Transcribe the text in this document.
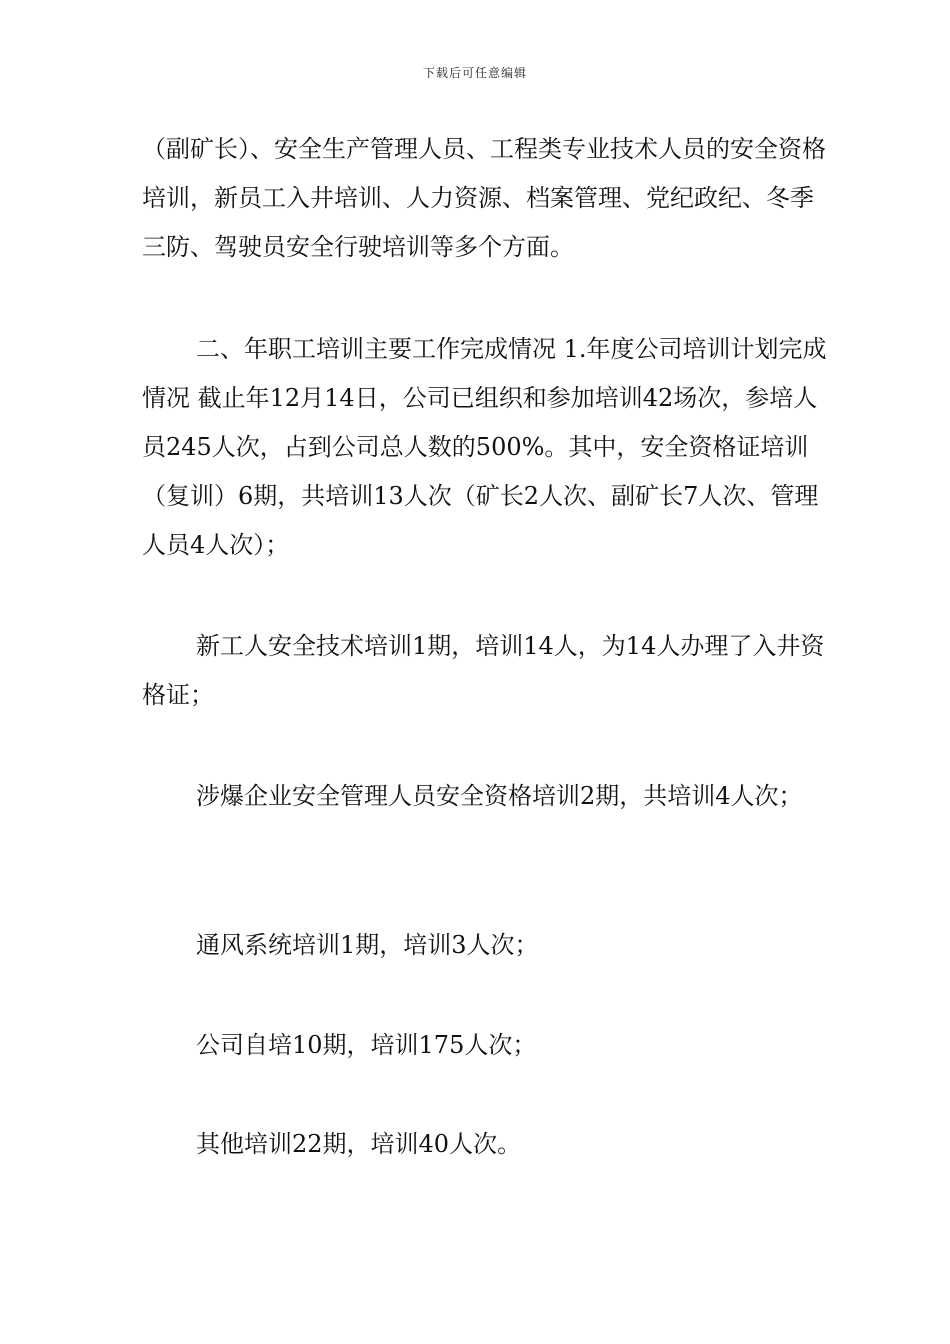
下载后可任意编辑

（副矿长）、安全生产管理人员、工程类专业技术人员的安全资格培训，新员工入井培训、人力资源、档案管理、党纪政纪、冬季三防、驾驶员安全行驶培训等多个方面。

二、年职工培训主要工作完成情况 1.年度公司培训计划完成情况 截止年12月14日，公司已组织和参加培训42场次，参培人员245人次，占到公司总人数的500%。其中，安全资格证培训（复训）6期，共培训13人次（矿长2人次、副矿长7人次、管理人员4人次）；

新工人安全技术培训1期，培训14人，为14人办理了入井资格证；

涉爆企业安全管理人员安全资格培训2期，共培训4人次；

通风系统培训1期，培训3人次；

公司自培10期，培训175人次；

其他培训22期，培训40人次。
